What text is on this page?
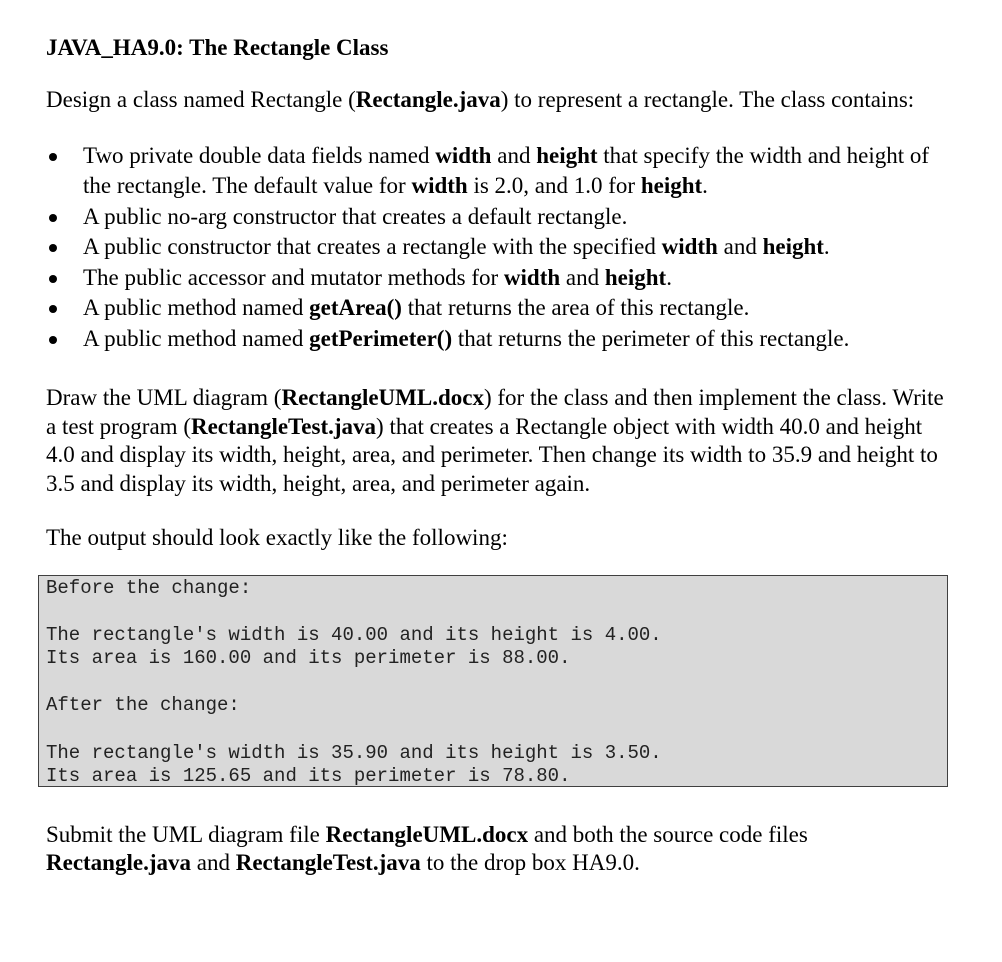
JAVA_HA9.0: The Rectangle Class

Design a class named Rectangle (Rectangle.java) to represent a rectangle. The class contains:

Two private double data fields named width and height that specify the width and height of the rectangle. The default value for width is 2.0, and 1.0 for height.
A public no-arg constructor that creates a default rectangle.
A public constructor that creates a rectangle with the specified width and height.
The public accessor and mutator methods for width and height.
A public method named getArea() that returns the area of this rectangle.
A public method named getPerimeter() that returns the perimeter of this rectangle.

Draw the UML diagram (RectangleUML.docx) for the class and then implement the class. Write a test program (RectangleTest.java) that creates a Rectangle object with width 40.0 and height 4.0 and display its width, height, area, and perimeter. Then change its width to 35.9 and height to 3.5 and display its width, height, area, and perimeter again.

The output should look exactly like the following:

Before the change:
The rectangle's width is 40.00 and its height is 4.00.
Its area is 160.00 and its perimeter is 88.00.
After the change:
The rectangle's width is 35.90 and its height is 3.50.
Its area is 125.65 and its perimeter is 78.80.

Submit the UML diagram file RectangleUML.docx and both the source code files Rectangle.java and RectangleTest.java to the drop box HA9.0.
